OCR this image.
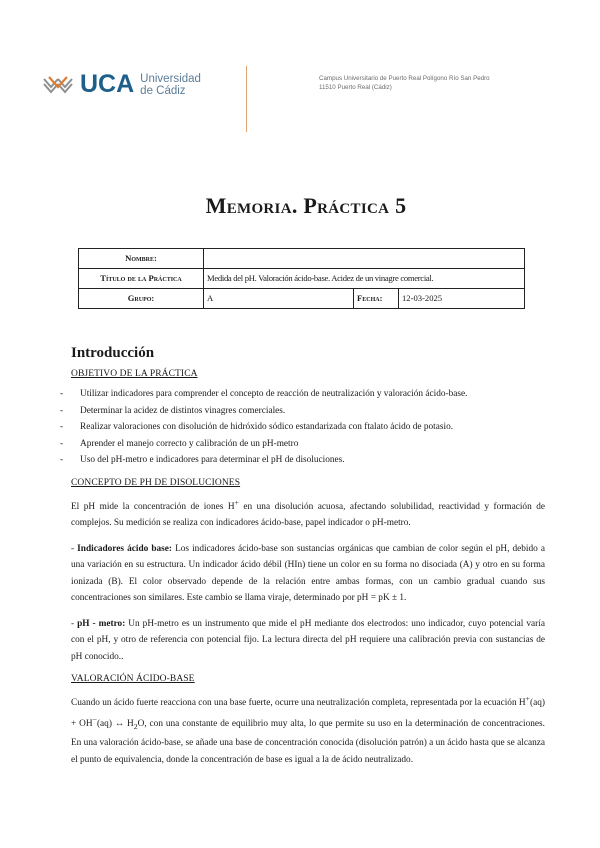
UCA Universidad
de Cádiz
Campus Universitario de Puerto Real Polígono Río San Pedro
11510 Puerto Real (Cádiz)
Memoria. Práctica 5
Nombre:			
Título de la Práctica	Medida del pH. Valoración ácido-base. Acidez de un vinagre comercial.		
Grupo:	A	Fecha:	12-03-2025
Introducción
OBJETIVO DE LA PRÁCTICA
- Utilizar indicadores para comprender el concepto de reacción de neutralización y valoración ácido-base.
- Determinar la acidez de distintos vinagres comerciales.
- Realizar valoraciones con disolución de hidróxido sódico estandarizada con ftalato ácido de potasio.
- Aprender el manejo correcto y calibración de un pH-metro
- Uso del pH-metro e indicadores para determinar el pH de disoluciones.
CONCEPTO DE PH DE DISOLUCIONES

El pH mide la concentración de iones H+ en una disolución acuosa, afectando solubilidad, reactividad y formación de complejos. Su medición se realiza con indicadores ácido-base, papel indicador o pH-metro.

- Indicadores ácido base: Los indicadores ácido-base son sustancias orgánicas que cambian de color según el pH, debido a una variación en su estructura. Un indicador ácido débil (HIn) tiene un color en su forma no disociada (A) y otro en su forma ionizada (B). El color observado depende de la relación entre ambas formas, con un cambio gradual cuando sus concentraciones son similares. Este cambio se llama viraje, determinado por pH = pK ± 1.

- pH - metro: Un pH-metro es un instrumento que mide el pH mediante dos electrodos: uno indicador, cuyo potencial varía con el pH, y otro de referencia con potencial fijo. La lectura directa del pH requiere una calibración previa con sustancias de pH conocido..

VALORACIÓN ÁCIDO-BASE

Cuando un ácido fuerte reacciona con una base fuerte, ocurre una neutralización completa, representada por la ecuación H+(aq) + OH−(aq) ↔ $H_2O$, con una constante de equilibrio muy alta, lo que permite su uso en la determinación de concentraciones. En una valoración ácido-base, se añade una base de concentración conocida (disolución patrón) a un ácido hasta que se alcanza el punto de equivalencia, donde la concentración de base es igual a la de ácido neutralizado.
